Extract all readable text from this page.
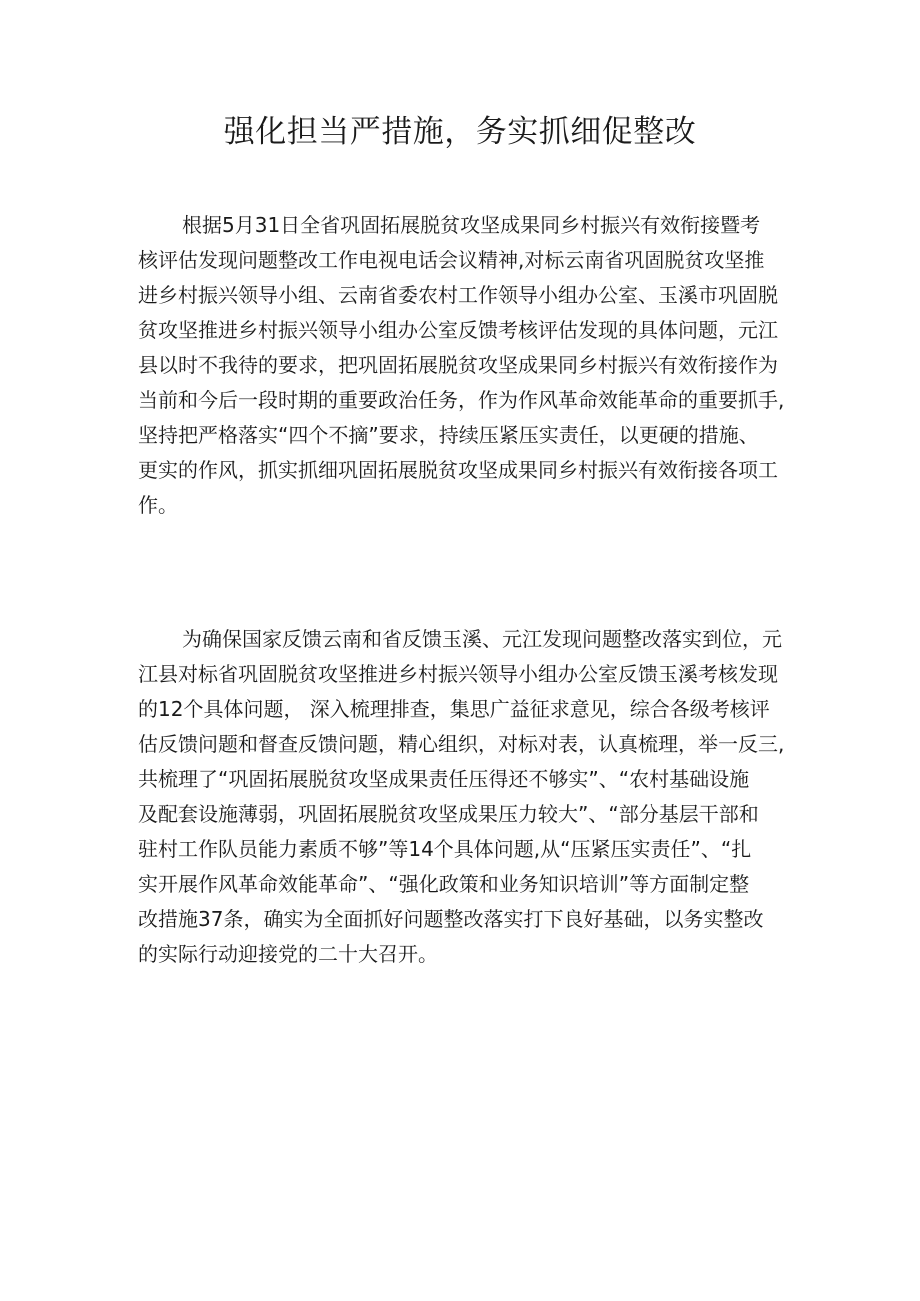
强化担当严措施，务实抓细促整改
根据5月31日全省巩固拓展脱贫攻坚成果同乡村振兴有效衔接暨考
核评估发现问题整改工作电视电话会议精神,对标云南省巩固脱贫攻坚推
进乡村振兴领导小组、云南省委农村工作领导小组办公室、玉溪市巩固脱
贫攻坚推进乡村振兴领导小组办公室反馈考核评估发现的具体问题，元江
县以时不我待的要求，把巩固拓展脱贫攻坚成果同乡村振兴有效衔接作为
当前和今后一段时期的重要政治任务，作为作风革命效能革命的重要抓手,
坚持把严格落实“四个不摘”要求，持续压紧压实责任，以更硬的措施、
更实的作风，抓实抓细巩固拓展脱贫攻坚成果同乡村振兴有效衔接各项工
作。
为确保国家反馈云南和省反馈玉溪、元江发现问题整改落实到位，元
江县对标省巩固脱贫攻坚推进乡村振兴领导小组办公室反馈玉溪考核发现
的12个具体问题， 深入梳理排查，集思广益征求意见，综合各级考核评
估反馈问题和督查反馈问题，精心组织，对标对表，认真梳理，举一反三,
共梳理了“巩固拓展脱贫攻坚成果责任压得还不够实”、“农村基础设施
及配套设施薄弱，巩固拓展脱贫攻坚成果压力较大”、“部分基层干部和
驻村工作队员能力素质不够”等14个具体问题,从“压紧压实责任”、“扎
实开展作风革命效能革命”、“强化政策和业务知识培训”等方面制定整
改措施37条，确实为全面抓好问题整改落实打下良好基础，以务实整改
的实际行动迎接党的二十大召开。
